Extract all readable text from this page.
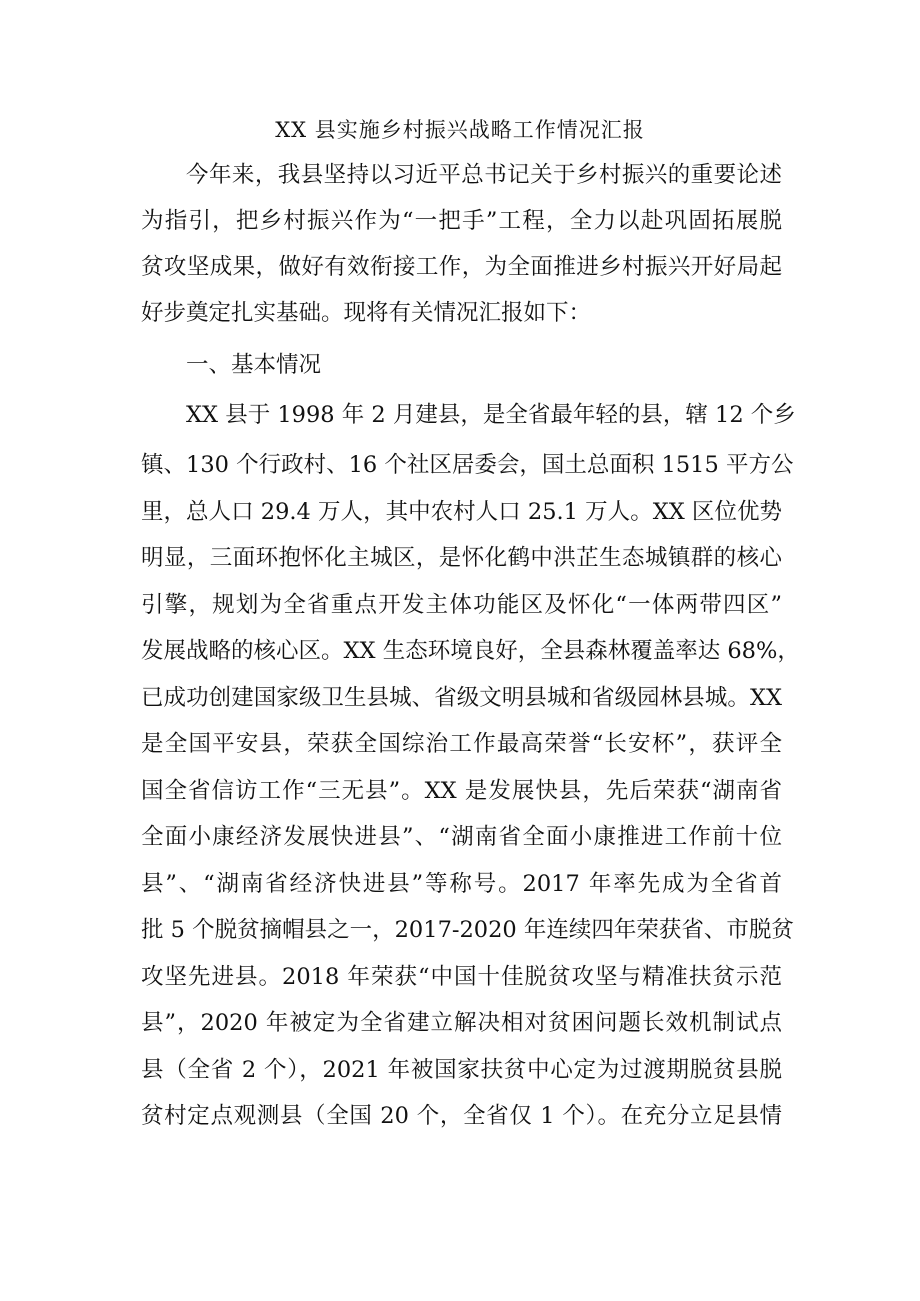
XX 县实施乡村振兴战略工作情况汇报
今年来，我县坚持以习近平总书记关于乡村振兴的重要论述
为指引，把乡村振兴作为“一把手”工程，全力以赴巩固拓展脱
贫攻坚成果，做好有效衔接工作，为全面推进乡村振兴开好局起
好步奠定扎实基础。现将有关情况汇报如下：
一、基本情况
XX 县于 1998 年 2 月建县，是全省最年轻的县，辖 12 个乡
镇、130 个行政村、16 个社区居委会，国土总面积 1515 平方公
里，总人口 29.4 万人，其中农村人口 25.1 万人。XX 区位优势
明显，三面环抱怀化主城区，是怀化鹤中洪芷生态城镇群的核心
引擎，规划为全省重点开发主体功能区及怀化“一体两带四区”
发展战略的核心区。XX 生态环境良好，全县森林覆盖率达 68%，
已成功创建国家级卫生县城、省级文明县城和省级园林县城。XX
是全国平安县，荣获全国综治工作最高荣誉“长安杯”，获评全
国全省信访工作“三无县”。XX 是发展快县，先后荣获“湖南省
全面小康经济发展快进县”、“湖南省全面小康推进工作前十位
县”、“湖南省经济快进县”等称号。2017 年率先成为全省首
批 5 个脱贫摘帽县之一，2017-2020 年连续四年荣获省、市脱贫
攻坚先进县。2018 年荣获“中国十佳脱贫攻坚与精准扶贫示范
县”，2020 年被定为全省建立解决相对贫困问题长效机制试点
县（全省 2 个），2021 年被国家扶贫中心定为过渡期脱贫县脱
贫村定点观测县（全国 20 个，全省仅 1 个）。在充分立足县情
